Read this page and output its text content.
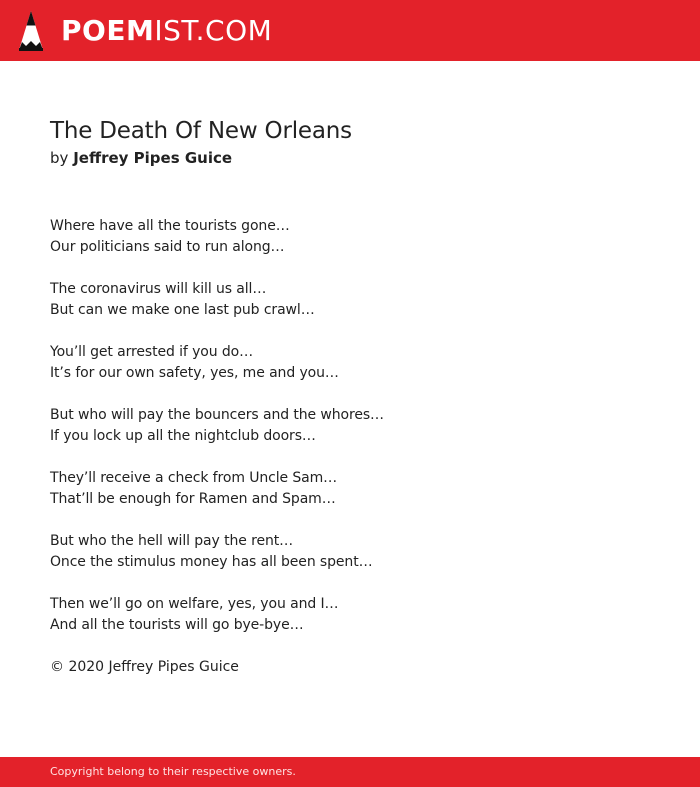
POEMIST.COM
The Death Of New Orleans
by Jeffrey Pipes Guice
Where have all the tourists gone…
Our politicians said to run along…
The coronavirus will kill us all…
But can we make one last pub crawl…
You’ll get arrested if you do…
It’s for our own safety, yes, me and you…
But who will pay the bouncers and the whores…
If you lock up all the nightclub doors…
They’ll receive a check from Uncle Sam…
That’ll be enough for Ramen and Spam…
But who the hell will pay the rent…
Once the stimulus money has all been spent…
Then we’ll go on welfare, yes, you and I…
And all the tourists will go bye-bye…
© 2020 Jeffrey Pipes Guice
Copyright belong to their respective owners.
